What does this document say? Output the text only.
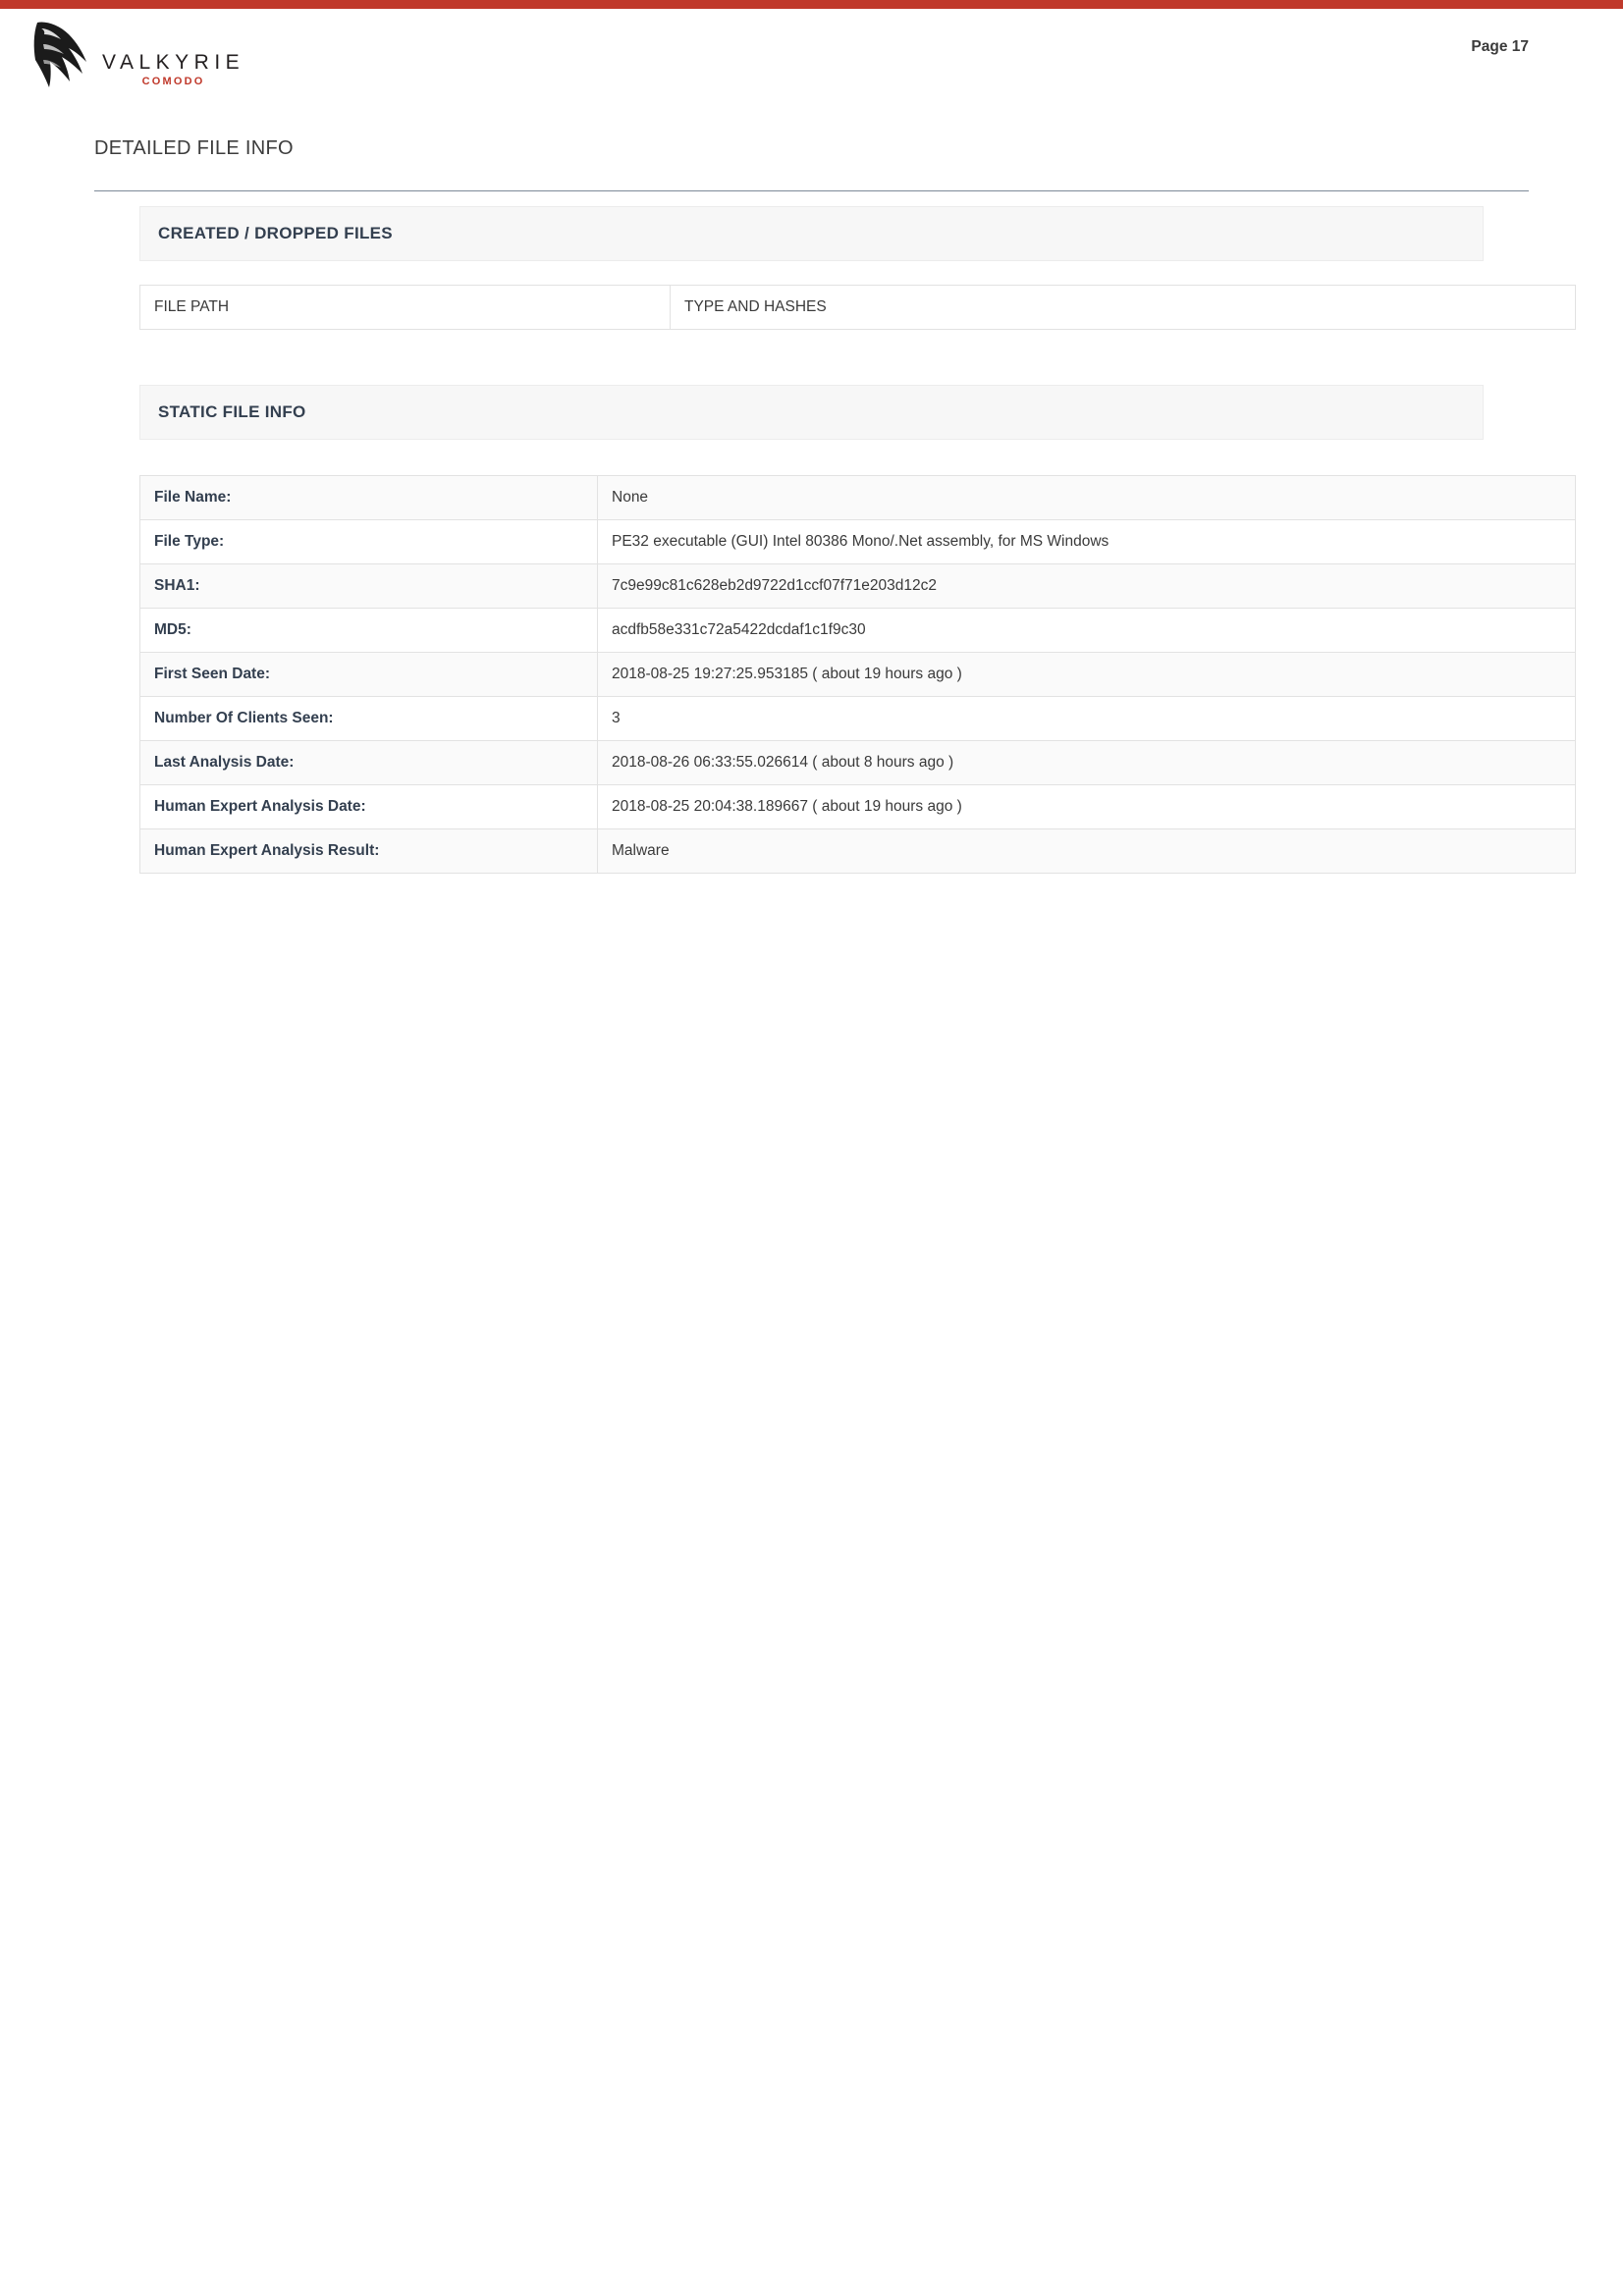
VALKYRIE
COMODO
Page 17
DETAILED FILE INFO
CREATED / DROPPED FILES
FILE PATH	TYPE AND HASHES
STATIC FILE INFO
File Name:	None
File Type:	PE32 executable (GUI) Intel 80386 Mono/.Net assembly, for MS Windows
SHA1:	7c9e99c81c628eb2d9722d1ccf07f71e203d12c2
MD5:	acdfb58e331c72a5422dcdaf1c1f9c30
First Seen Date:	2018-08-25 19:27:25.953185 ( about 19 hours ago )
Number Of Clients Seen:	3
Last Analysis Date:	2018-08-26 06:33:55.026614 ( about 8 hours ago )
Human Expert Analysis Date:	2018-08-25 20:04:38.189667 ( about 19 hours ago )
Human Expert Analysis Result:	Malware
